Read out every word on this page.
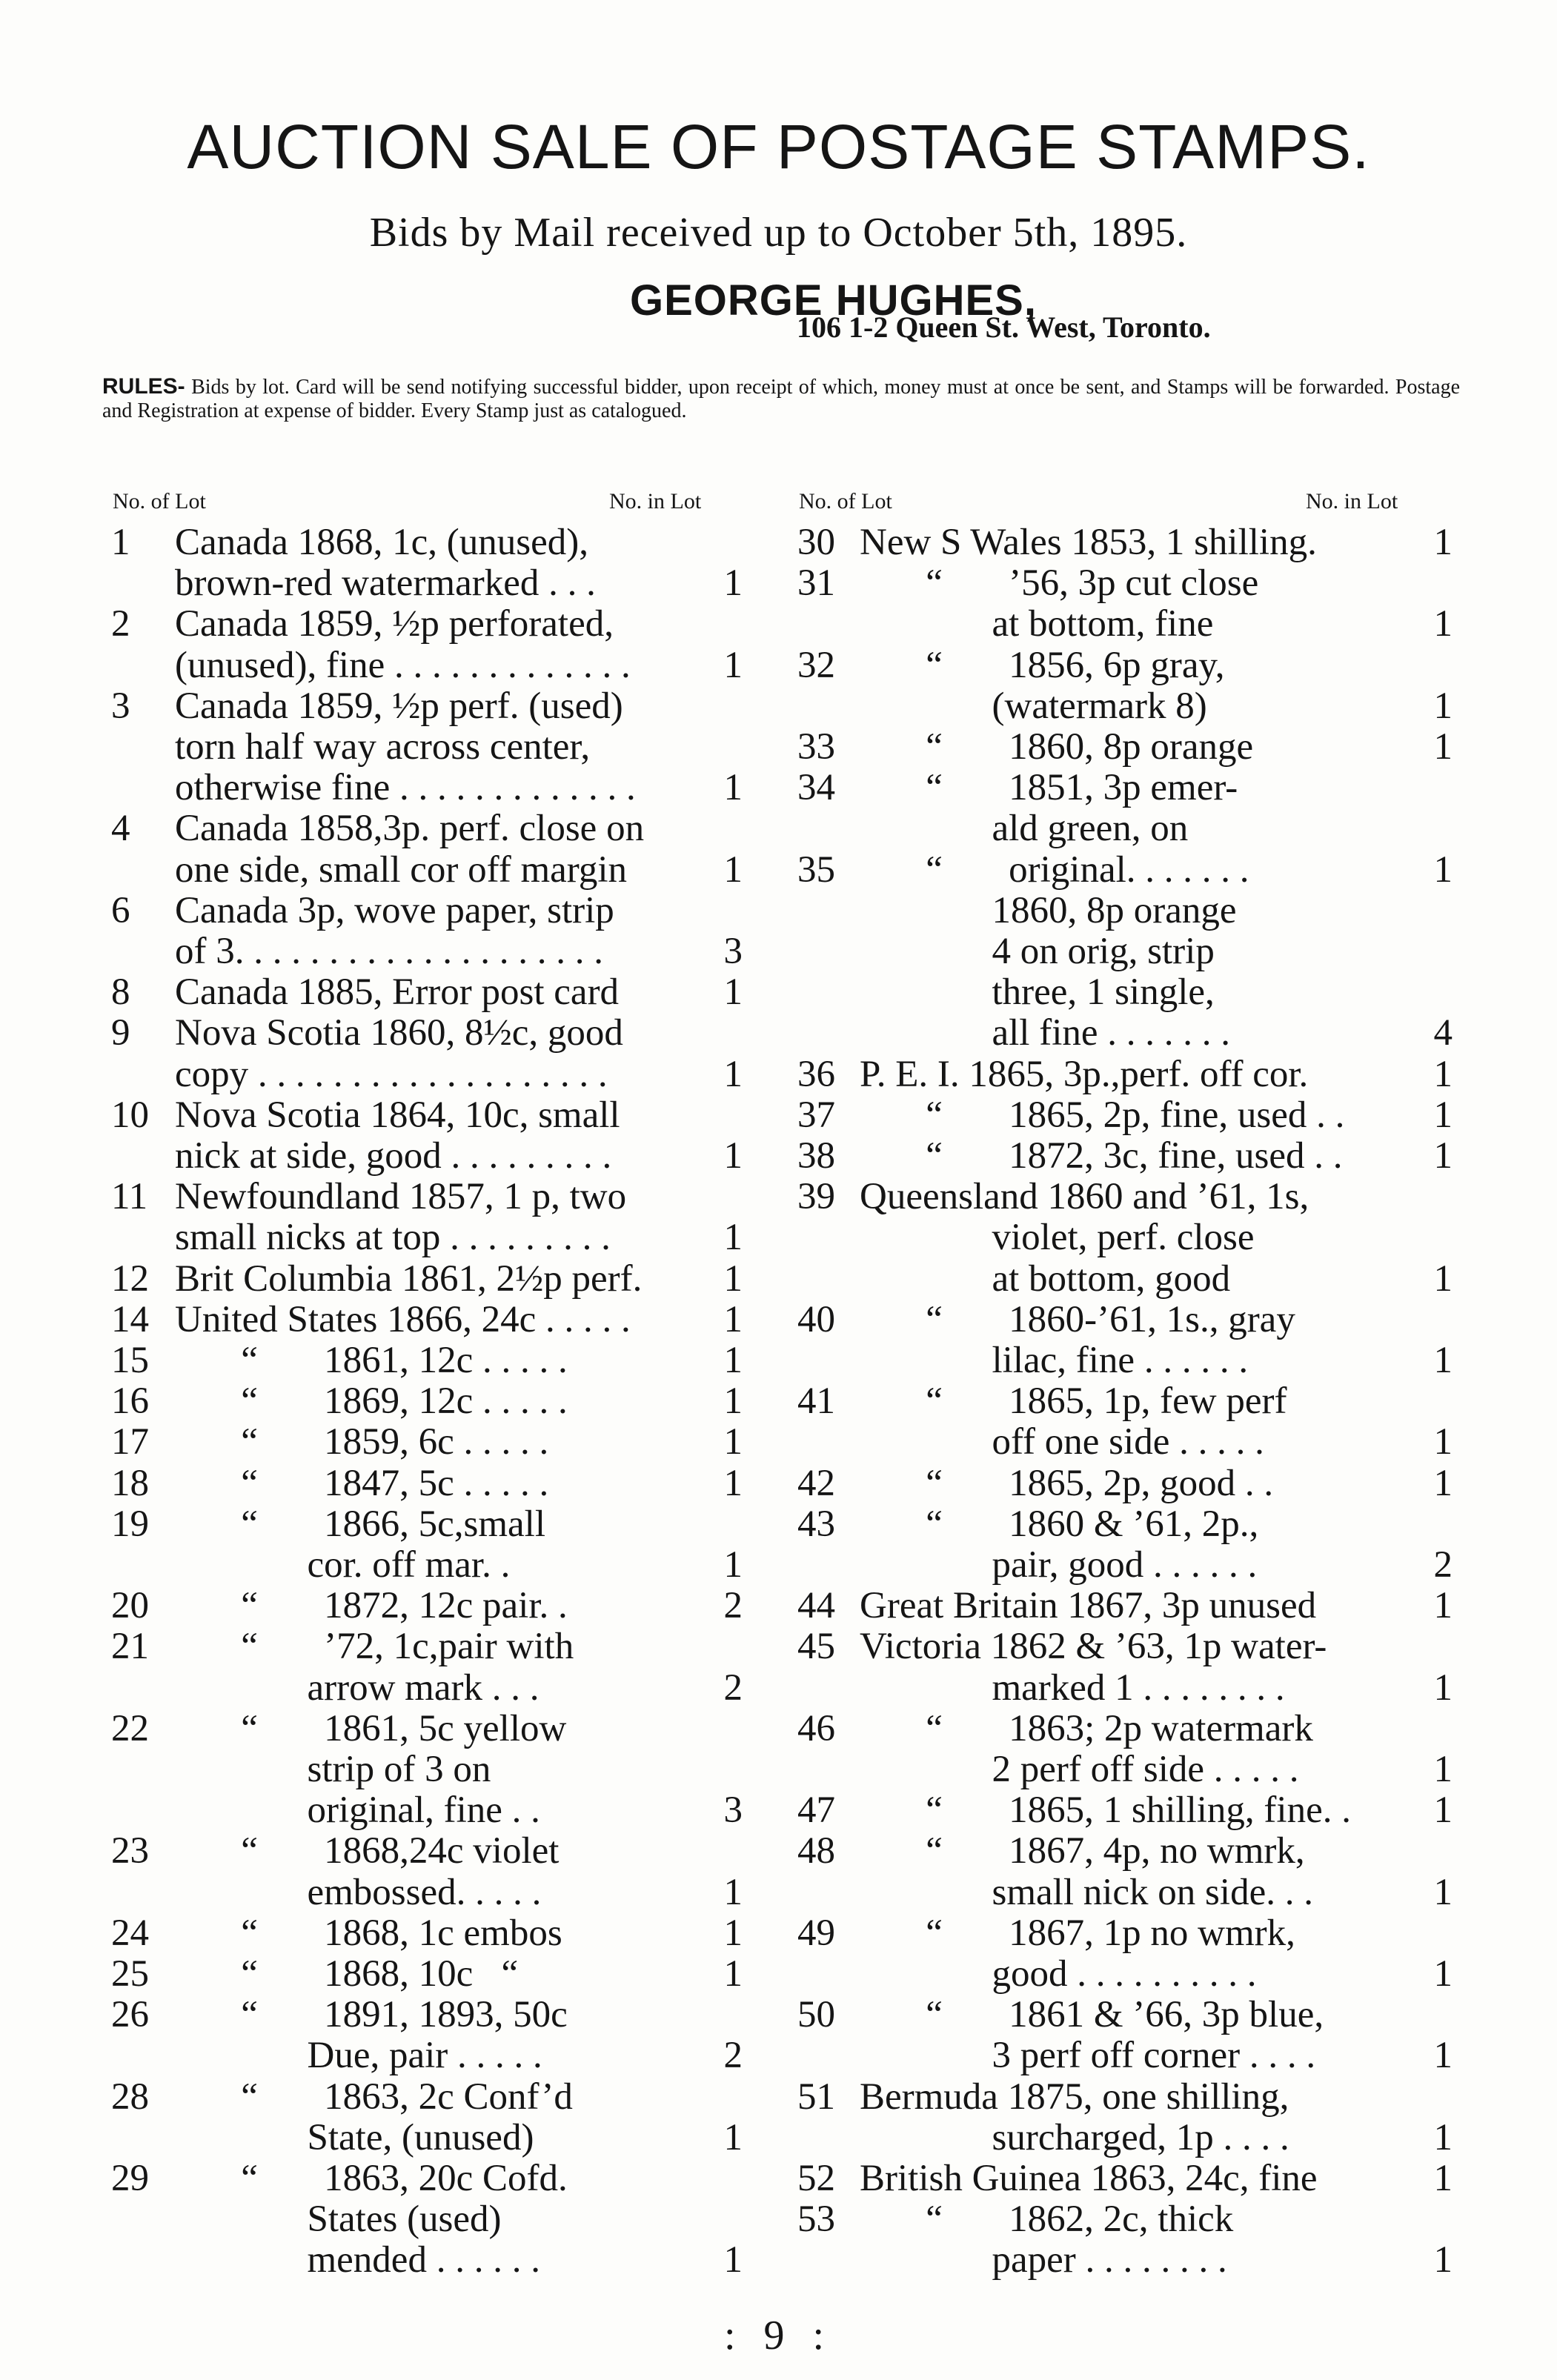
AUCTION SALE OF POSTAGE STAMPS.
Bids by Mail received up to October 5th, 1895.
GEORGE HUGHES,
106 1-2 Queen St. West, Toronto.
RULES- Bids by lot. Card will be send notifying successful bidder, upon receipt of which, money must at once be sent, and Stamps will be forwarded. Postage and Registration at expense of bidder. Every Stamp just as catalogued.
No. of Lot	No. in Lot	No. of Lot	No. in Lot
1 Canada 1868, 1c, (unused),
brown-red watermarked . . .	1
2 Canada 1859, ½p perforated,
(unused), fine . . . . . . . . . . . . .	1
3 Canada 1859, ½p perf. (used)
torn half way across center,
otherwise fine . . . . . . . . . . . . .	1
4 Canada 1858,3p. perf. close on
one side, small cor off margin	1
6 Canada 3p, wove paper, strip
of 3. . . . . . . . . . . . . . . . . . . .	3
8 Canada 1885, Error post card	1
9 Nova Scotia 1860, 8½c, good
copy . . . . . . . . . . . . . . . . . . .	1
10 Nova Scotia 1864, 10c, small
nick at side, good . . . . . . . . .	1
11 Newfoundland 1857, 1 p, two
small nicks at top . . . . . . . . .	1
12 Brit Columbia 1861, 2½p perf.	1
14 United States 1866, 24c . . . . .	1
15 “       1861, 12c . . . . .	1
16 “       1869, 12c . . . . .	1
17 “       1859, 6c . . . . .	1
18 “       1847, 5c . . . . .	1
19 “       1866, 5c,small
cor. off mar. .	1
20 “       1872, 12c pair. .	2
21 “       ’72, 1c,pair with
arrow mark . . .	2
22 “       1861, 5c yellow
strip of 3 on
original, fine . .	3
23 “       1868,24c violet
embossed. . . . .	1
24 “       1868, 1c embos	1
25 “       1868, 10c   “	1
26 “       1891, 1893, 50c
Due, pair . . . . .	2
28 “       1863, 2c Conf’d
State, (unused)	1
29 “       1863, 20c Cofd.
States (used)
mended . . . . . .	1
30 New S Wales 1853, 1 shilling.	1
31 “       ’56, 3p cut close
at bottom, fine	1
32 “       1856, 6p gray,
(watermark 8)	1
33 “       1860, 8p orange	1
34 “       1851, 3p emer-
ald green, on
35 “       original. . . . . . .	1
1860, 8p orange
4 on orig, strip
three, 1 single,
all fine . . . . . . .	4
36 P. E. I. 1865, 3p.,perf. off cor.	1
37 “       1865, 2p, fine, used . .	1
38 “       1872, 3c, fine, used . .	1
39 Queensland 1860 and ’61, 1s,
violet, perf. close
at bottom, good	1
40 “       1860-’61, 1s., gray
lilac, fine . . . . . .	1
41 “       1865, 1p, few perf
off one side . . . . .	1
42 “       1865, 2p, good . .	1
43 “       1860 & ’61, 2p.,
pair, good . . . . . .	2
44 Great Britain 1867, 3p unused	1
45 Victoria 1862 & ’63, 1p water-
marked 1 . . . . . . . .	1
46 “       1863; 2p watermark
2 perf off side . . . . .	1
47 “       1865, 1 shilling, fine. .	1
48 “       1867, 4p, no wmrk,
small nick on side. . .	1
49 “       1867, 1p no wmrk,
good . . . . . . . . . .	1
50 “       1861 & ’66, 3p blue,
3 perf off corner . . . .	1
51 Bermuda 1875, one shilling,
surcharged, 1p . . . .	1
52 British Guinea 1863, 24c, fine	1
53 “       1862, 2c, thick
paper . . . . . . . .	1
: 9 :
